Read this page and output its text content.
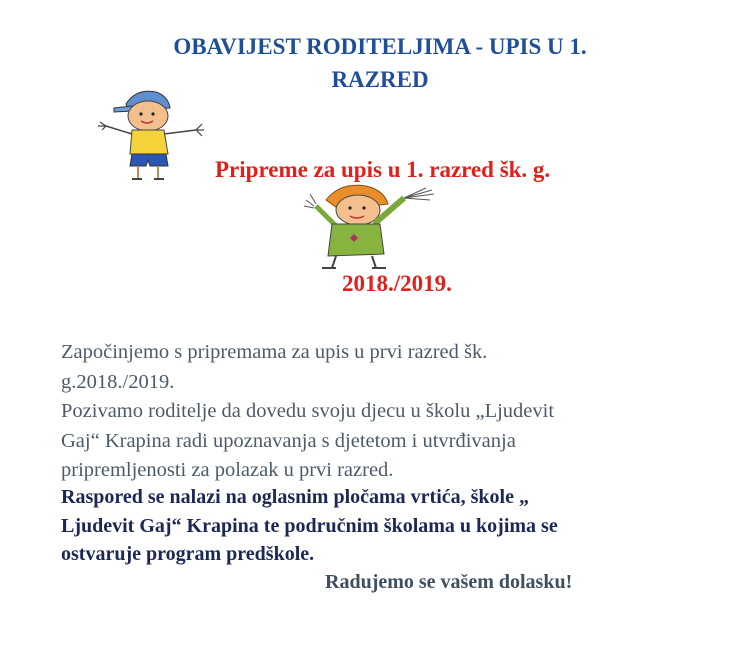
OBAVIJEST RODITELJIMA - UPIS U 1.
RAZRED
Pripreme za upis u 1. razred šk. g.
2018./2019.

Započinjemo s pripremama za upis u prvi razred šk.

g.2018./2019.

Pozivamo roditelje da dovedu svoju djecu u školu „Ljudevit

Gaj“ Krapina radi upoznavanja s djetetom i utvrđivanja

pripremljenosti za polazak u prvi razred.

Raspored se nalazi na oglasnim pločama vrtića, škole „
Ljudevit Gaj“ Krapina te područnim školama u kojima se
ostvaruje program predškole.
Radujemo se vašem dolasku!
